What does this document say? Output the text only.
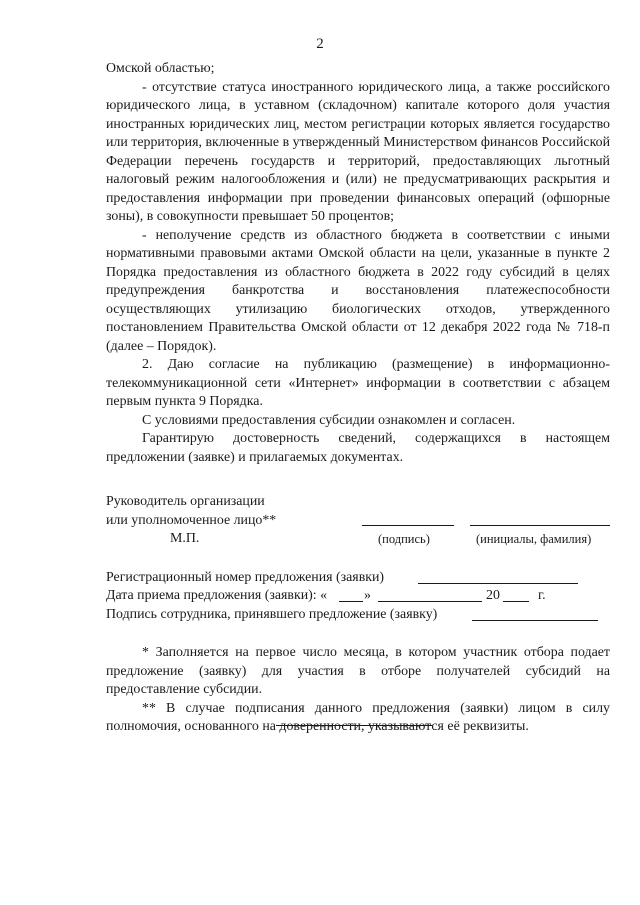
2

Омской областью;

- отсутствие статуса иностранного юридического лица, а также российского юридического лица, в уставном (складочном) капитале которого доля участия иностранных юридических лиц, местом регистрации которых является государство или территория, включенные в утвержденный Министерством финансов Российской Федерации перечень государств и территорий, предоставляющих льготный налоговый режим налогообложения и (или) не предусматривающих раскрытия и предоставления информации при проведении финансовых операций (офшорные зоны), в совокупности превышает 50 процентов;

- неполучение средств из областного бюджета в соответствии с иными нормативными правовыми актами Омской области на цели, указанные в пункте 2 Порядка предоставления из областного бюджета в 2022 году субсидий в целях предупреждения банкротства и восстановления платежеспособности осуществляющих утилизацию биологических отходов, утвержденного постановлением Правительства Омской области от 12 декабря 2022 года № 718-п (далее – Порядок).

2. Даю согласие на публикацию (размещение) в информационно-телекоммуникационной сети «Интернет» информации в соответствии с абзацем первым пункта 9 Порядка.

С условиями предоставления субсидии ознакомлен и согласен.

Гарантирую достоверность сведений, содержащихся в настоящем предложении (заявке) и прилагаемых документах.

Руководитель организации
или уполномоченное лицо**
М.П.	(подпись)	(инициалы, фамилия)
Регистрационный номер предложения (заявки)
Дата приема предложения (заявки): «	»	20	г.
Подпись сотрудника, принявшего предложение (заявку)

* Заполняется на первое число месяца, в котором участник отбора подает предложение (заявку) для участия в отборе получателей субсидий на предоставление субсидии.

** В случае подписания данного предложения (заявки) лицом в силу полномочия, основанного на доверенности, указываются её реквизиты.
